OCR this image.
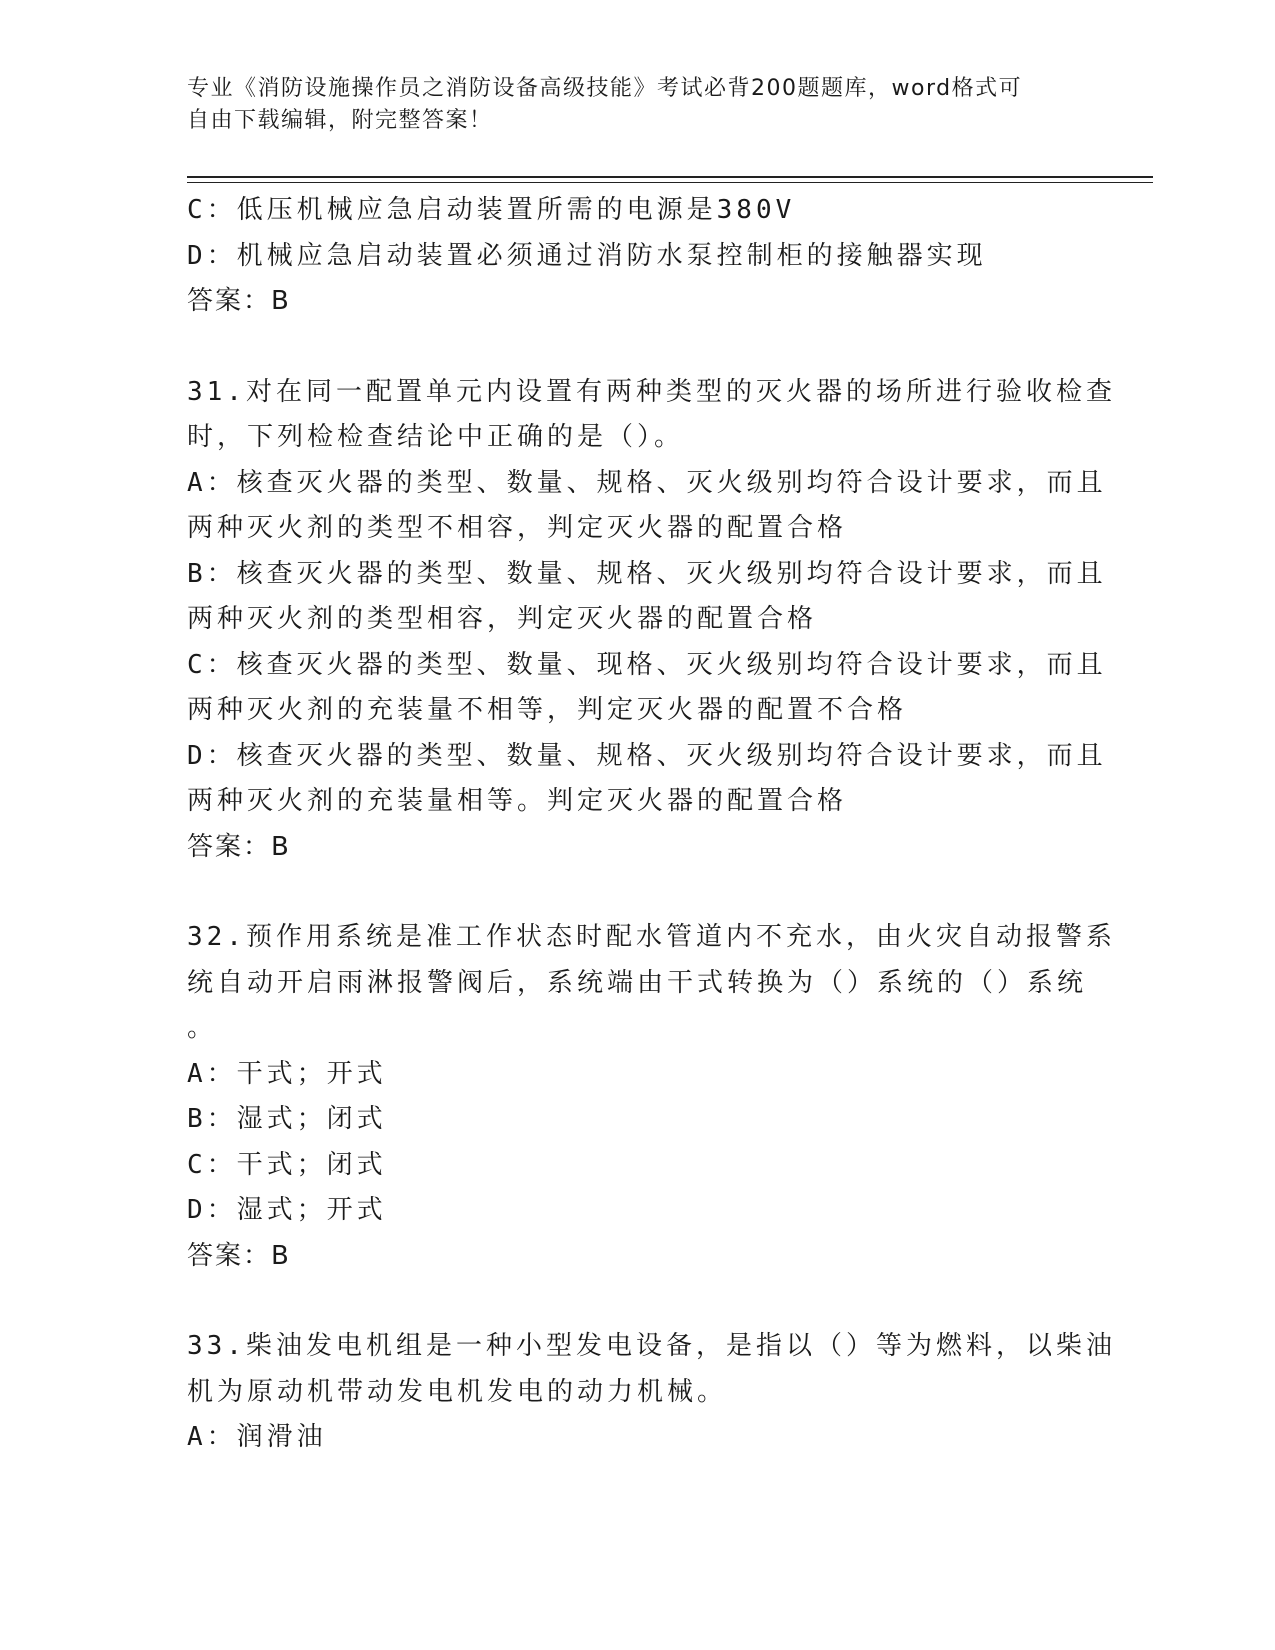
专业《消防设施操作员之消防设备高级技能》考试必背200题题库，word格式可
自由下载编辑，附完整答案！
C：低压机械应急启动装置所需的电源是380V
D：机械应急启动装置必须通过消防水泵控制柜的接触器实现
答案：B
31.对在同一配置单元内设置有两种类型的灭火器的场所进行验收检查
时，下列检检查结论中正确的是（）。
A：核查灭火器的类型、数量、规格、灭火级别均符合设计要求，而且
两种灭火剂的类型不相容，判定灭火器的配置合格
B：核查灭火器的类型、数量、规格、灭火级别均符合设计要求，而且
两种灭火剂的类型相容，判定灭火器的配置合格
C：核查灭火器的类型、数量、现格、灭火级别均符合设计要求，而且
两种灭火剂的充装量不相等，判定灭火器的配置不合格
D：核查灭火器的类型、数量、规格、灭火级别均符合设计要求，而且
两种灭火剂的充装量相等。判定灭火器的配置合格
答案：B
32.预作用系统是准工作状态时配水管道内不充水，由火灾自动报警系
统自动开启雨淋报警阀后，系统端由干式转换为（）系统的（）系统
。
A：干式；开式
B：湿式；闭式
C：干式；闭式
D：湿式；开式
答案：B
33.柴油发电机组是一种小型发电设备，是指以（）等为燃料，以柴油
机为原动机带动发电机发电的动力机械。
A：润滑油
